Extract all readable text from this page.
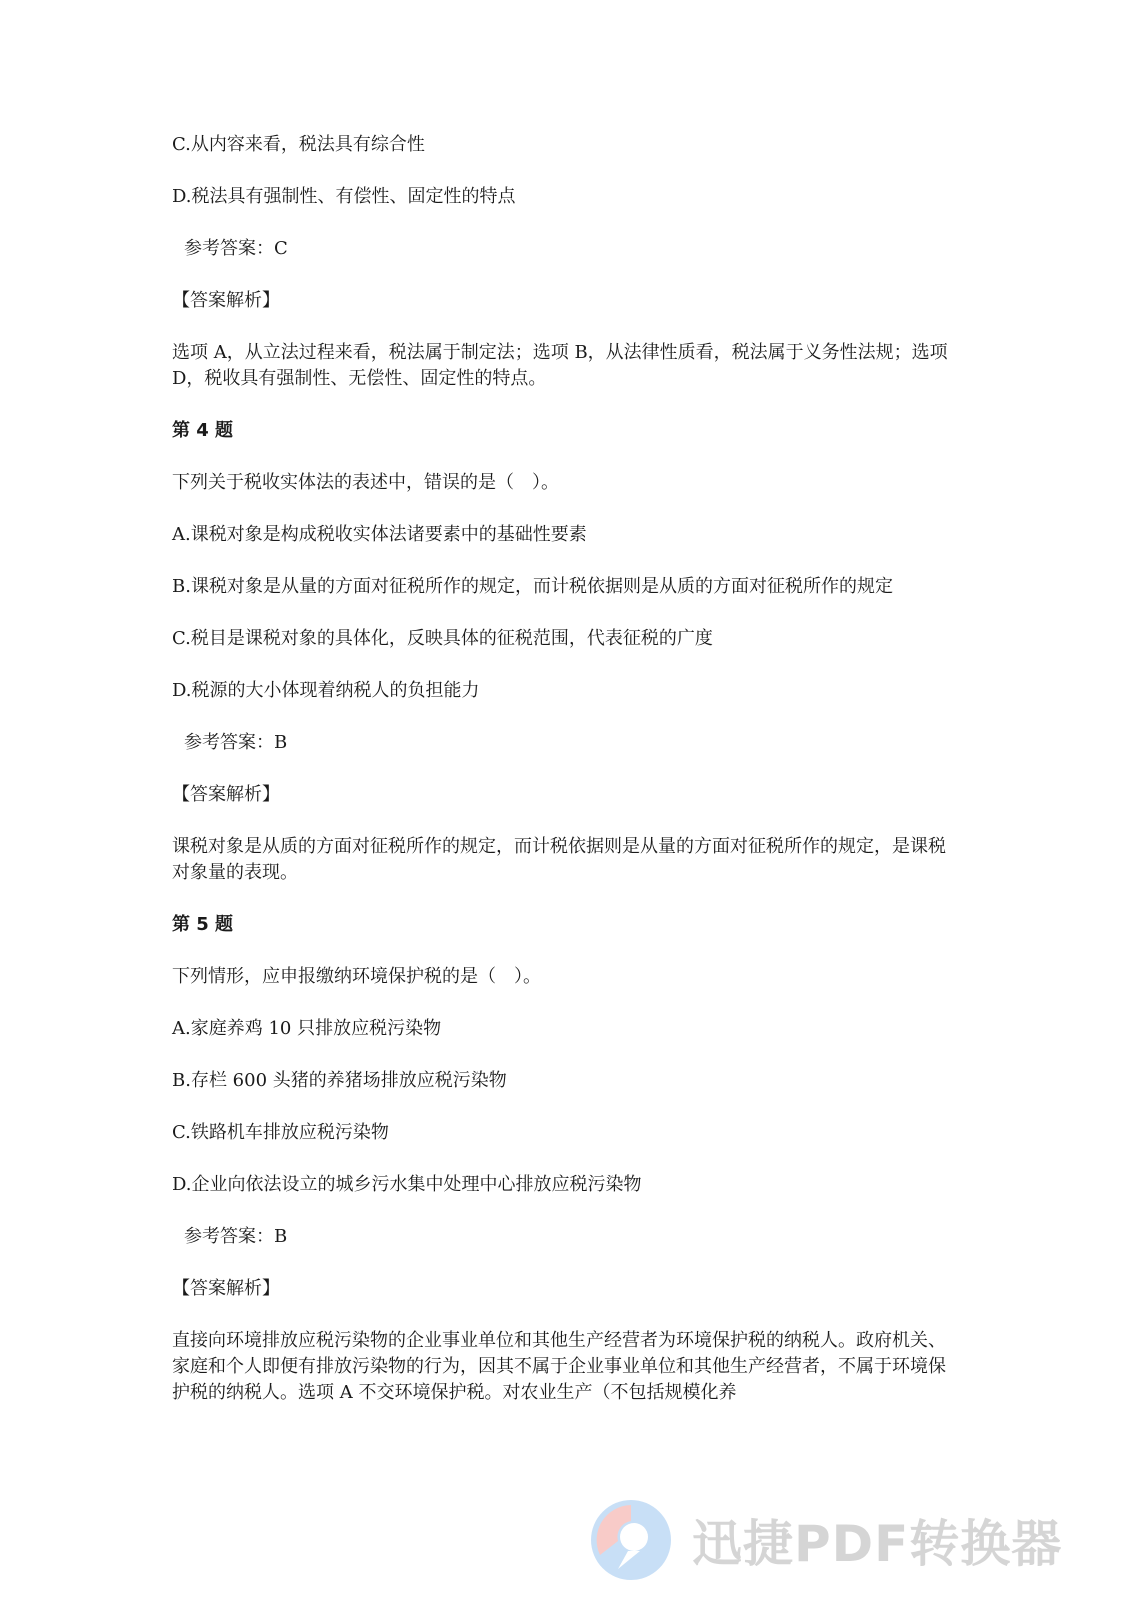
C.从内容来看，税法具有综合性
D.税法具有强制性、有偿性、固定性的特点
参考答案：C
【答案解析】
选项 A，从立法过程来看，税法属于制定法；选项 B，从法律性质看，税法属于义务性法规；选项 D，税收具有强制性、无偿性、固定性的特点。
第 4 题
下列关于税收实体法的表述中，错误的是（　）。
A.课税对象是构成税收实体法诸要素中的基础性要素
B.课税对象是从量的方面对征税所作的规定，而计税依据则是从质的方面对征税所作的规定
C.税目是课税对象的具体化，反映具体的征税范围，代表征税的广度
D.税源的大小体现着纳税人的负担能力
参考答案：B
【答案解析】
课税对象是从质的方面对征税所作的规定，而计税依据则是从量的方面对征税所作的规定，是课税对象量的表现。
第 5 题
下列情形，应申报缴纳环境保护税的是（　）。
A.家庭养鸡 10 只排放应税污染物
B.存栏 600 头猪的养猪场排放应税污染物
C.铁路机车排放应税污染物
D.企业向依法设立的城乡污水集中处理中心排放应税污染物
参考答案：B
【答案解析】
直接向环境排放应税污染物的企业事业单位和其他生产经营者为环境保护税的纳税人。政府机关、家庭和个人即便有排放污染物的行为，因其不属于企业事业单位和其他生产经营者，不属于环境保护税的纳税人。选项 A 不交环境保护税。对农业生产（不包括规模化养
迅捷PDF转换器
